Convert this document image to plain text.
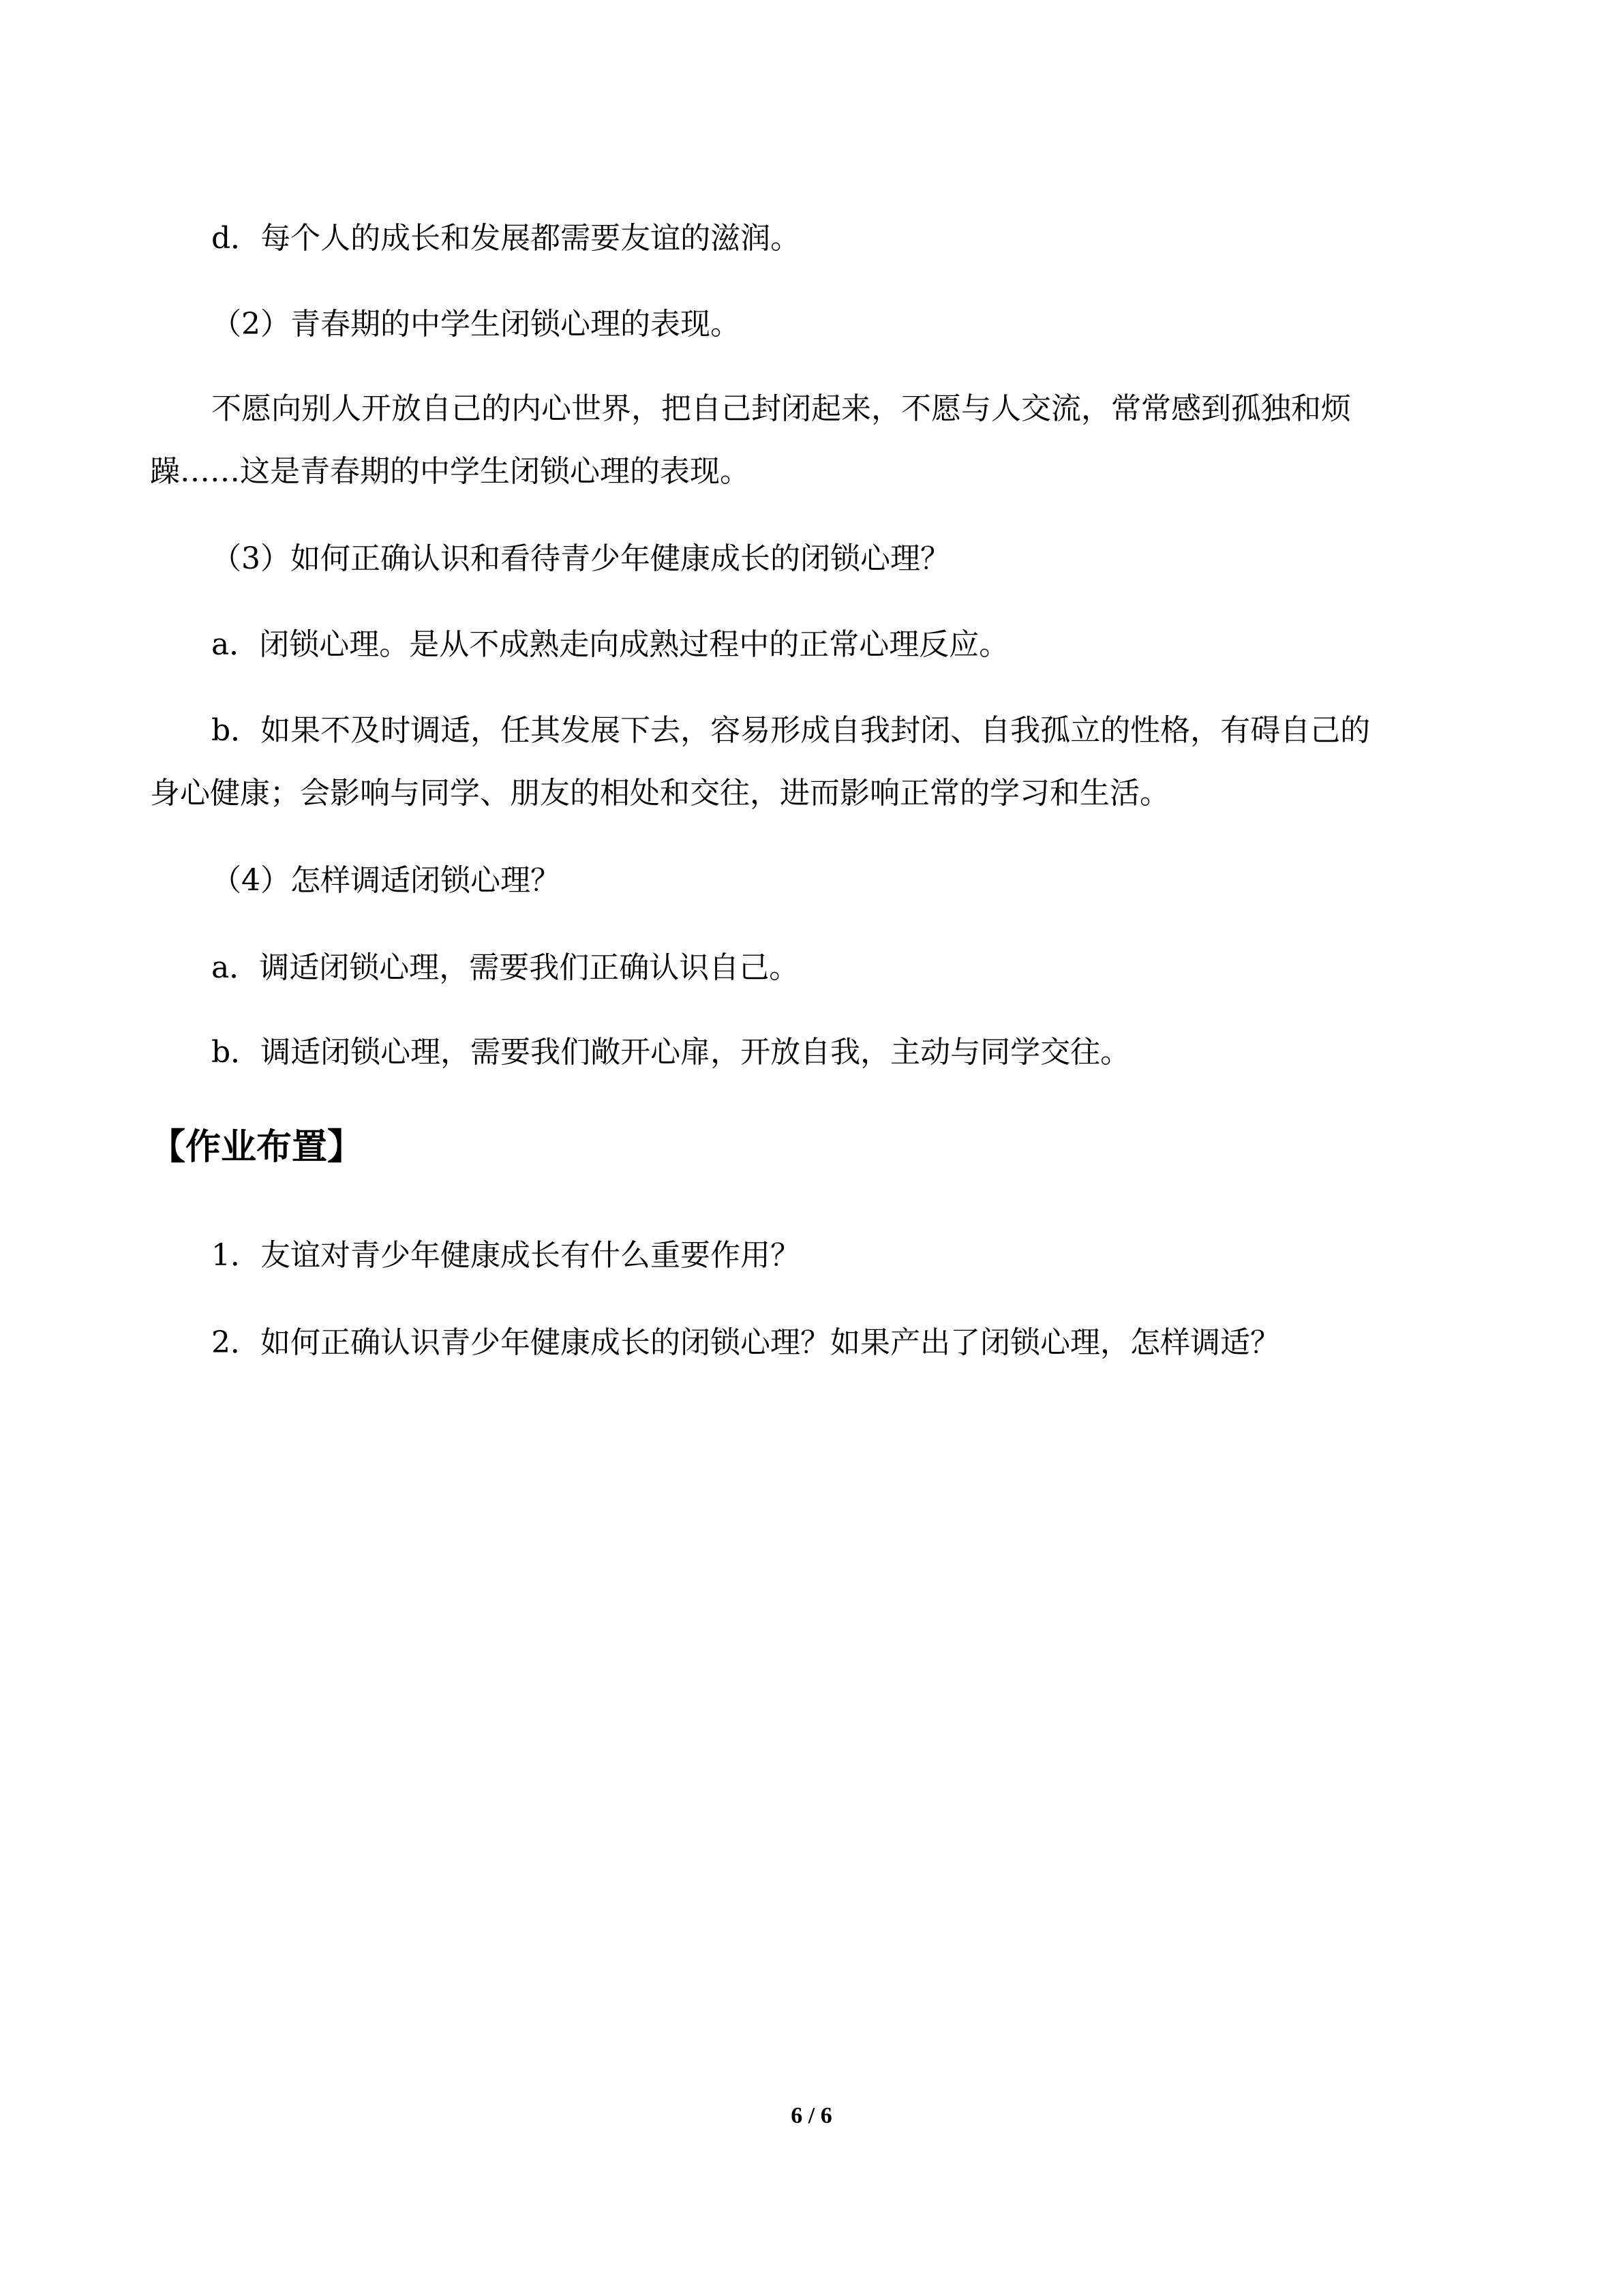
d．每个人的成长和发展都需要友谊的滋润。

（2）青春期的中学生闭锁心理的表现。

不愿向别人开放自己的内心世界，把自己封闭起来，不愿与人交流，常常感到孤独和烦

躁……这是青春期的中学生闭锁心理的表现。

（3）如何正确认识和看待青少年健康成长的闭锁心理？

a．闭锁心理。是从不成熟走向成熟过程中的正常心理反应。

b．如果不及时调适，任其发展下去，容易形成自我封闭、自我孤立的性格，有碍自己的

身心健康；会影响与同学、朋友的相处和交往，进而影响正常的学习和生活。

（4）怎样调适闭锁心理？

a．调适闭锁心理，需要我们正确认识自己。

b．调适闭锁心理，需要我们敞开心扉，开放自我，主动与同学交往。

【作业布置】

1．友谊对青少年健康成长有什么重要作用？

2．如何正确认识青少年健康成长的闭锁心理？如果产出了闭锁心理，怎样调适？

6 / 6
